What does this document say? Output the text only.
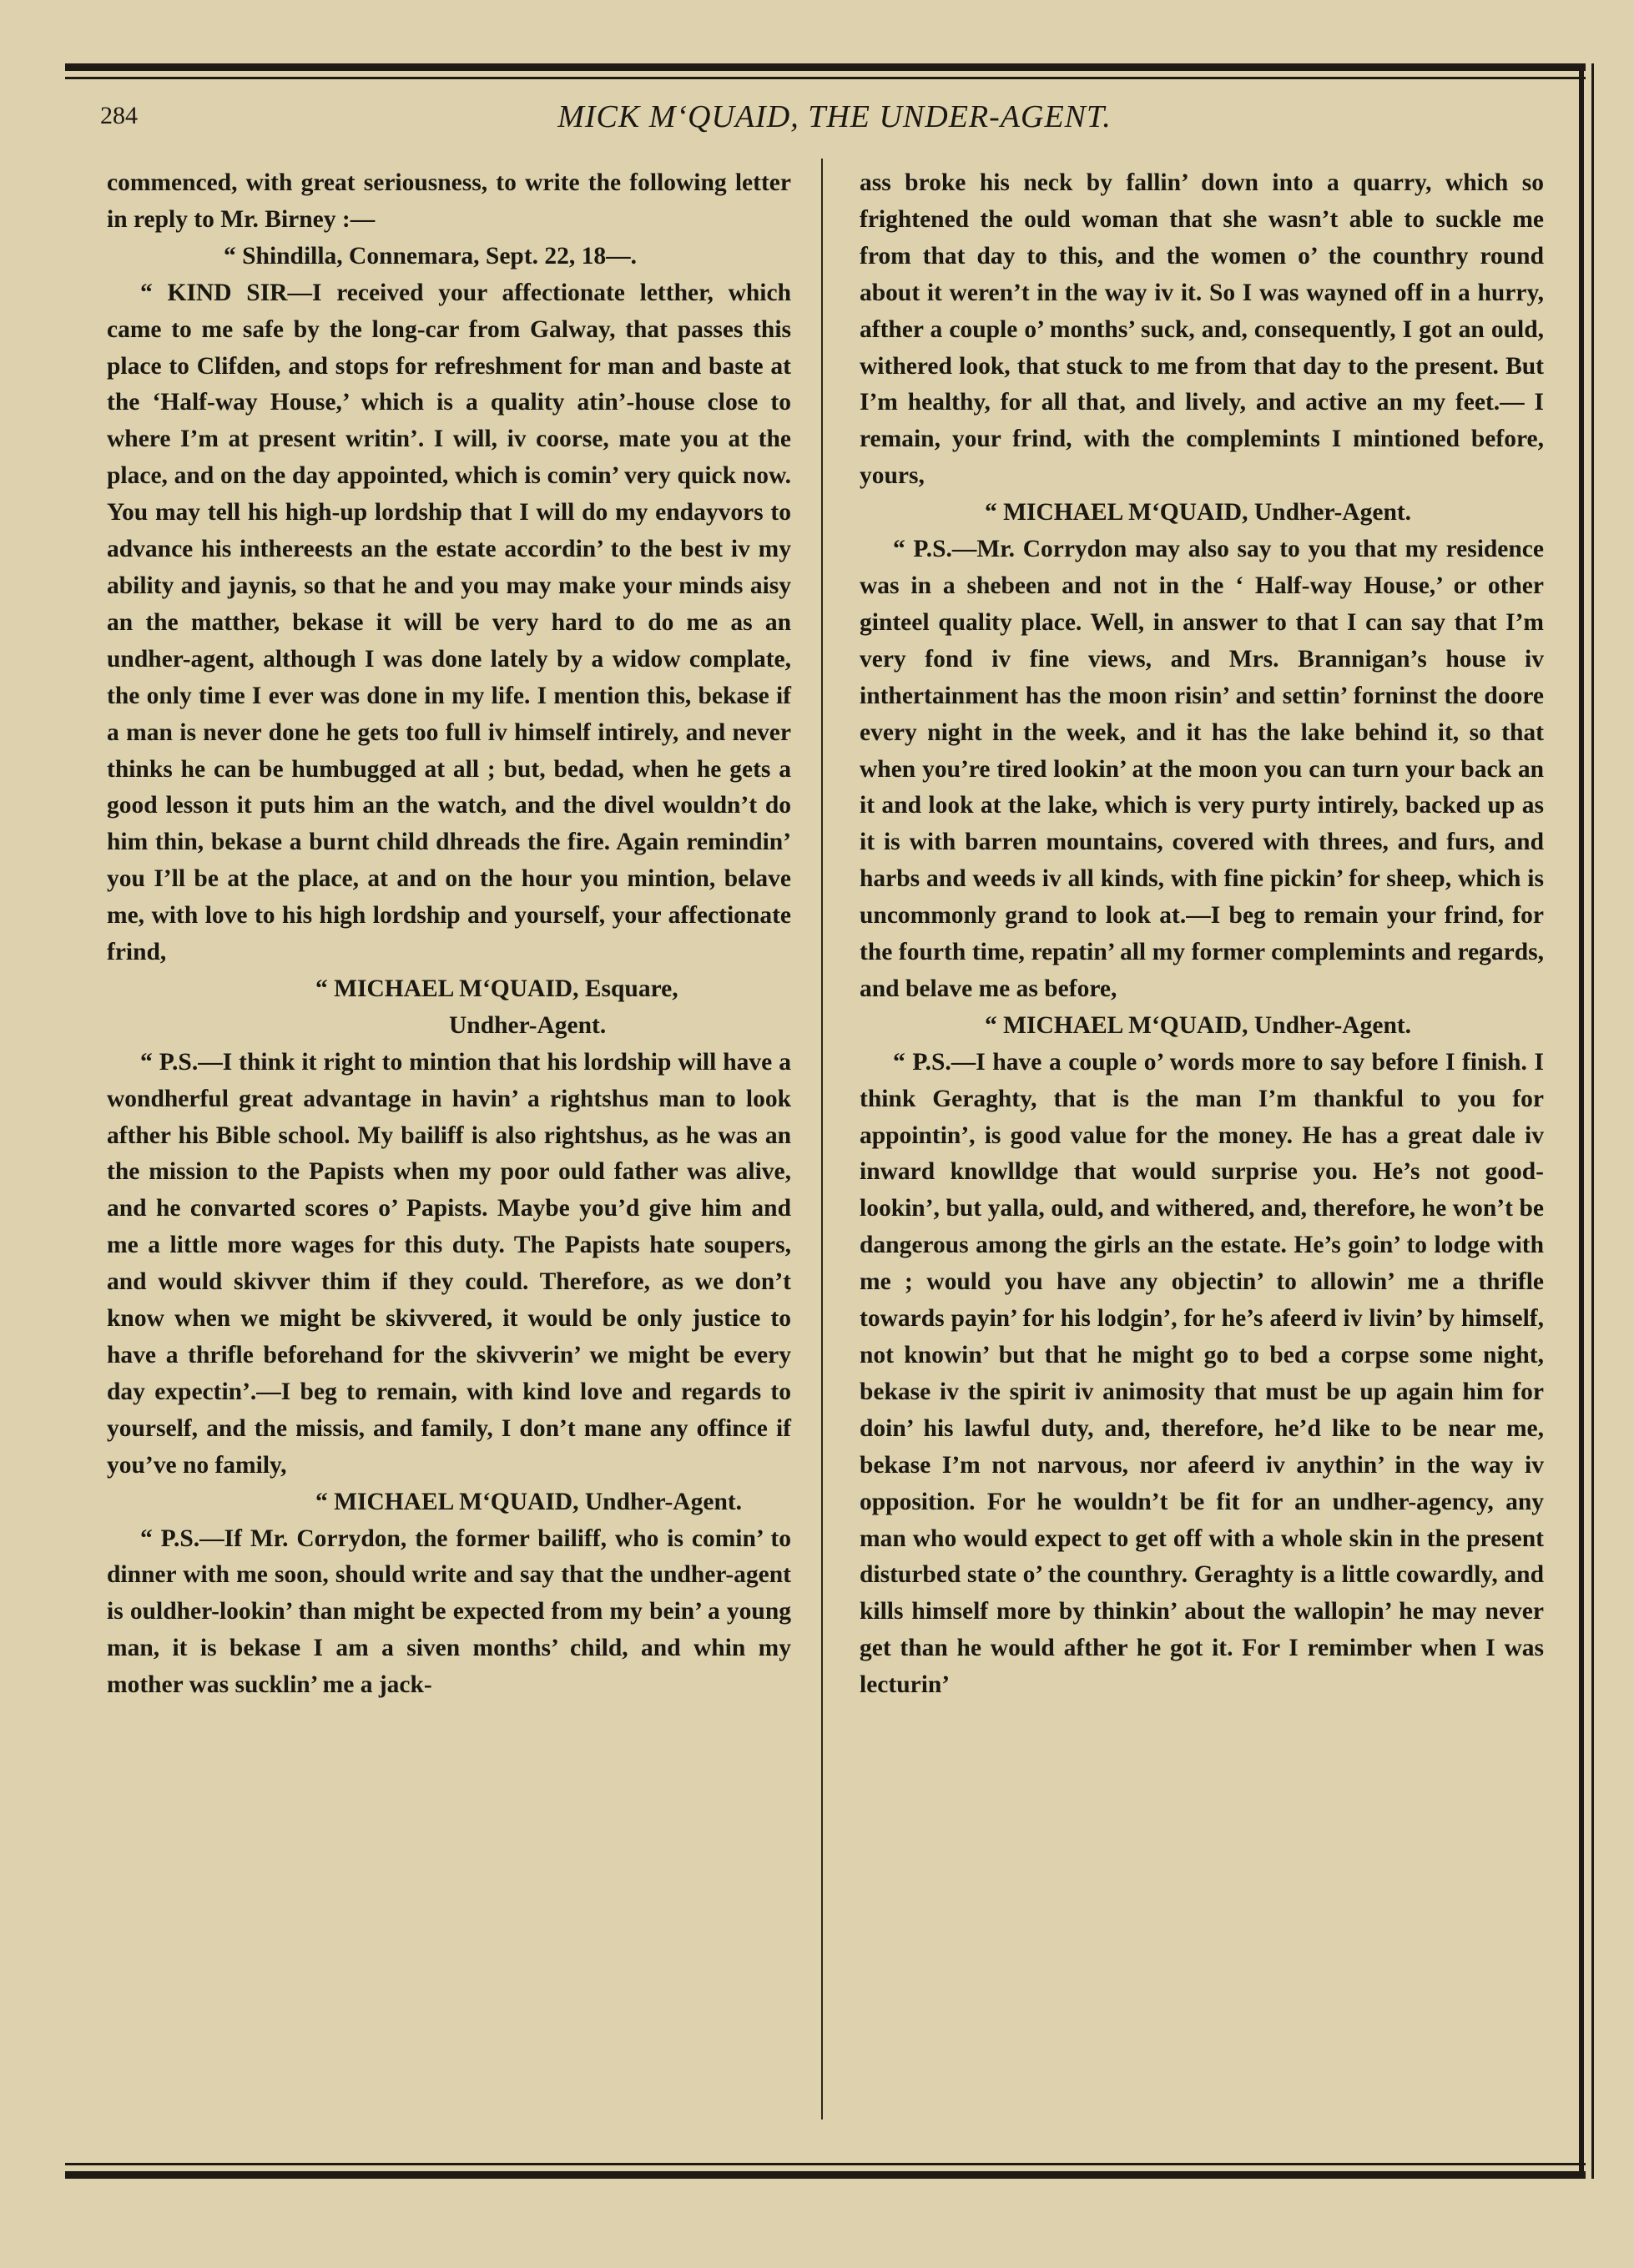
284	MICK M‘QUAID, THE UNDER-AGENT.

commenced, with great seriousness, to write the following letter in reply to Mr. Birney :—

“ Shindilla, Connemara, Sept. 22, 18—.

“ KIND SIR—I received your affectionate letther, which came to me safe by the long-car from Galway, that passes this place to Clifden, and stops for refreshment for man and baste at the ‘Half-way House,’ which is a quality atin’-house close to where I’m at present writin’. I will, iv coorse, mate you at the place, and on the day appointed, which is comin’ very quick now. You may tell his high-up lordship that I will do my endayvors to advance his inthereests an the estate accordin’ to the best iv my ability and jaynis, so that he and you may make your minds aisy an the matther, bekase it will be very hard to do me as an undher-agent, although I was done lately by a widow complate, the only time I ever was done in my life. I mention this, bekase if a man is never done he gets too full iv himself intirely, and never thinks he can be humbugged at all ; but, bedad, when he gets a good lesson it puts him an the watch, and the divel wouldn’t do him thin, bekase a burnt child dhreads the fire. Again remindin’ you I’ll be at the place, at and on the hour you mintion, belave me, with love to his high lordship and yourself, your affectionate frind,

“ MICHAEL M‘QUAID, Esquare,

Undher-Agent.

“ P.S.—I think it right to mintion that his lordship will have a wondherful great advantage in havin’ a rightshus man to look afther his Bible school. My bailiff is also rightshus, as he was an the mission to the Papists when my poor ould father was alive, and he convarted scores o’ Papists. Maybe you’d give him and me a little more wages for this duty. The Papists hate soupers, and would skivver thim if they could. Therefore, as we don’t know when we might be skivvered, it would be only justice to have a thrifle beforehand for the skivverin’ we might be every day expectin’.—I beg to remain, with kind love and regards to yourself, and the missis, and family, I don’t mane any offince if you’ve no family,

“ MICHAEL M‘QUAID, Undher-Agent.

“ P.S.—If Mr. Corrydon, the former bailiff, who is comin’ to dinner with me soon, should write and say that the undher-agent is ouldher-lookin’ than might be expected from my bein’ a young man, it is bekase I am a siven months’ child, and whin my mother was sucklin’ me a jack-

ass broke his neck by fallin’ down into a quarry, which so frightened the ould woman that she wasn’t able to suckle me from that day to this, and the women o’ the counthry round about it weren’t in the way iv it. So I was wayned off in a hurry, afther a couple o’ months’ suck, and, consequently, I got an ould, withered look, that stuck to me from that day to the present. But I’m healthy, for all that, and lively, and active an my feet.— I remain, your frind, with the complemints I mintioned before, yours,

“ MICHAEL M‘QUAID, Undher-Agent.

“ P.S.—Mr. Corrydon may also say to you that my residence was in a shebeen and not in the ‘ Half-way House,’ or other ginteel quality place. Well, in answer to that I can say that I’m very fond iv fine views, and Mrs. Brannigan’s house iv inthertainment has the moon risin’ and settin’ forninst the doore every night in the week, and it has the lake behind it, so that when you’re tired lookin’ at the moon you can turn your back an it and look at the lake, which is very purty intirely, backed up as it is with barren mountains, covered with threes, and furs, and harbs and weeds iv all kinds, with fine pickin’ for sheep, which is uncommonly grand to look at.—I beg to remain your frind, for the fourth time, repatin’ all my former complemints and regards, and belave me as before,

“ MICHAEL M‘QUAID, Undher-Agent.

“ P.S.—I have a couple o’ words more to say before I finish. I think Geraghty, that is the man I’m thankful to you for appointin’, is good value for the money. He has a great dale iv inward knowlldge that would surprise you. He’s not good-lookin’, but yalla, ould, and withered, and, therefore, he won’t be dangerous among the girls an the estate. He’s goin’ to lodge with me ; would you have any objectin’ to allowin’ me a thrifle towards payin’ for his lodgin’, for he’s afeerd iv livin’ by himself, not knowin’ but that he might go to bed a corpse some night, bekase iv the spirit iv animosity that must be up again him for doin’ his lawful duty, and, therefore, he’d like to be near me, bekase I’m not narvous, nor afeerd iv anythin’ in the way iv opposition. For he wouldn’t be fit for an undher-agency, any man who would expect to get off with a whole skin in the present disturbed state o’ the counthry. Geraghty is a little cowardly, and kills himself more by thinkin’ about the wallopin’ he may never get than he would afther he got it. For I remimber when I was lecturin’
